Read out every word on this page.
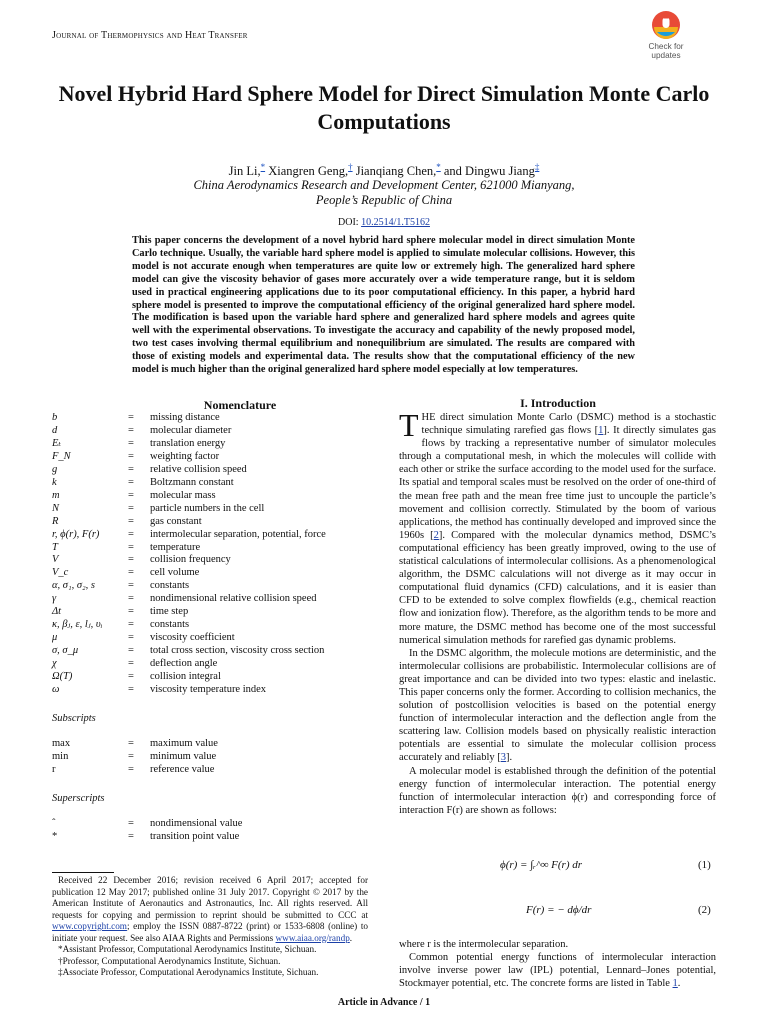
Journal of Thermophysics and Heat Transfer
Check for
updates
Novel Hybrid Hard Sphere Model for Direct Simulation Monte Carlo Computations
Jin Li,* Xiangren Geng,† Jianqiang Chen,* and Dingwu Jiang‡
China Aerodynamics Research and Development Center, 621000 Mianyang,
People’s Republic of China
DOI: 10.2514/1.T5162
This paper concerns the development of a novel hybrid hard sphere molecular model in direct simulation Monte Carlo technique. Usually, the variable hard sphere model is applied to simulate molecular collisions. However, this model is not accurate enough when temperatures are quite low or extremely high. The generalized hard sphere model can give the viscosity behavior of gases more accurately over a wide temperature range, but it is seldom used in practical engineering applications due to its poor computational efficiency. In this paper, a hybrid hard sphere model is presented to improve the computational efficiency of the original generalized hard sphere model. The modification is based upon the variable hard sphere and generalized hard sphere models and agrees quite well with the experimental observations. To investigate the accuracy and capability of the newly proposed model, two test cases involving thermal equilibrium and nonequilibrium are simulated. The results are compared with those of existing models and experimental data. The results show that the computational efficiency of the new model is much higher than the original generalized hard sphere model especially at low temperatures.
Nomenclature
b	= missing distance
d	= molecular diameter
Eₜ	= translation energy
F_N	= weighting factor
g	= relative collision speed
k	= Boltzmann constant
m	= molecular mass
N	= particle numbers in the cell
R	= gas constant
r, ϕ(r), F(r)	= intermolecular separation, potential, force
T	= temperature
V	= collision frequency
V_c	= cell volume
α, σ₁, σ₂, s	= constants
γ	= nondimensional relative collision speed
Δt	= time step
κ, βⱼ, ε, lⱼ, υᵢ = constants
μ	= viscosity coefficient
σ, σ_μ	= total cross section, viscosity cross section
χ	= deflection angle
Ω(T)	= collision integral
ω	= viscosity temperature index
Subscripts
max	= maximum value
min	= minimum value
r	= reference value
Superscripts
ˆ	= nondimensional value
*	= transition point value

Received 22 December 2016; revision received 6 April 2017; accepted for publication 12 May 2017; published online 31 July 2017. Copyright © 2017 by the American Institute of Aeronautics and Astronautics, Inc. All rights reserved. All requests for copying and permission to reprint should be submitted to CCC at www.copyright.com; employ the ISSN 0887-8722 (print) or 1533-6808 (online) to initiate your request. See also AIAA Rights and Permissions www.aiaa.org/randp.

*Assistant Professor, Computational Aerodynamics Institute, Sichuan.

†Professor, Computational Aerodynamics Institute, Sichuan.

‡Associate Professor, Computational Aerodynamics Institute, Sichuan.

I. Introduction

THE direct simulation Monte Carlo (DSMC) method is a stochastic technique simulating rarefied gas flows [1]. It directly simulates gas flows by tracking a representative number of simulator molecules through a computational mesh, in which the molecules will collide with each other or strike the surface according to the model used for the surface. Its spatial and temporal scales must be resolved on the order of one-third of the mean free path and the mean free time just to uncouple the particle’s movement and collision correctly. Stimulated by the boom of various applications, the method has continually developed and improved since the 1960s [2]. Compared with the molecular dynamics method, DSMC’s computational efficiency has been greatly improved, owing to the use of statistical calculations of intermolecular collisions. As a phenomenological algorithm, the DSMC calculations will not diverge as it may occur in computational fluid dynamics (CFD) calculations, and it is easier than CFD to be extended to solve complex flowfields (e.g., chemical reaction flow and ionization flow). Therefore, as the algorithm tends to be more and more mature, the DSMC method has become one of the most successful numerical simulation methods for rarefied gas dynamic problems.

In the DSMC algorithm, the molecule motions are deterministic, and the intermolecular collisions are probabilistic. Intermolecular collisions are of great importance and can be divided into two types: elastic and inelastic. This paper concerns only the former. According to collision mechanics, the solution of postcollision velocities is based on the potential energy function of intermolecular interaction and the deflection angle from the scattering law. Collision models based on physically realistic interaction potentials are essential to simulate the molecular collision process accurately and reliably [3].

A molecular model is established through the definition of the potential energy function of intermolecular interaction. The potential energy function of intermolecular interaction ϕ(r) and corresponding force of interaction F(r) are shown as follows:

ϕ(r) = ∫ᵣ^∞ F(r) dr	(1)
F(r) = − dϕ/dr	(2)

where r is the intermolecular separation.

Common potential energy functions of intermolecular interaction involve inverse power law (IPL) potential, Lennard–Jones potential, Stockmayer potential, etc. The concrete forms are listed in Table 1.

Article in Advance / 1
